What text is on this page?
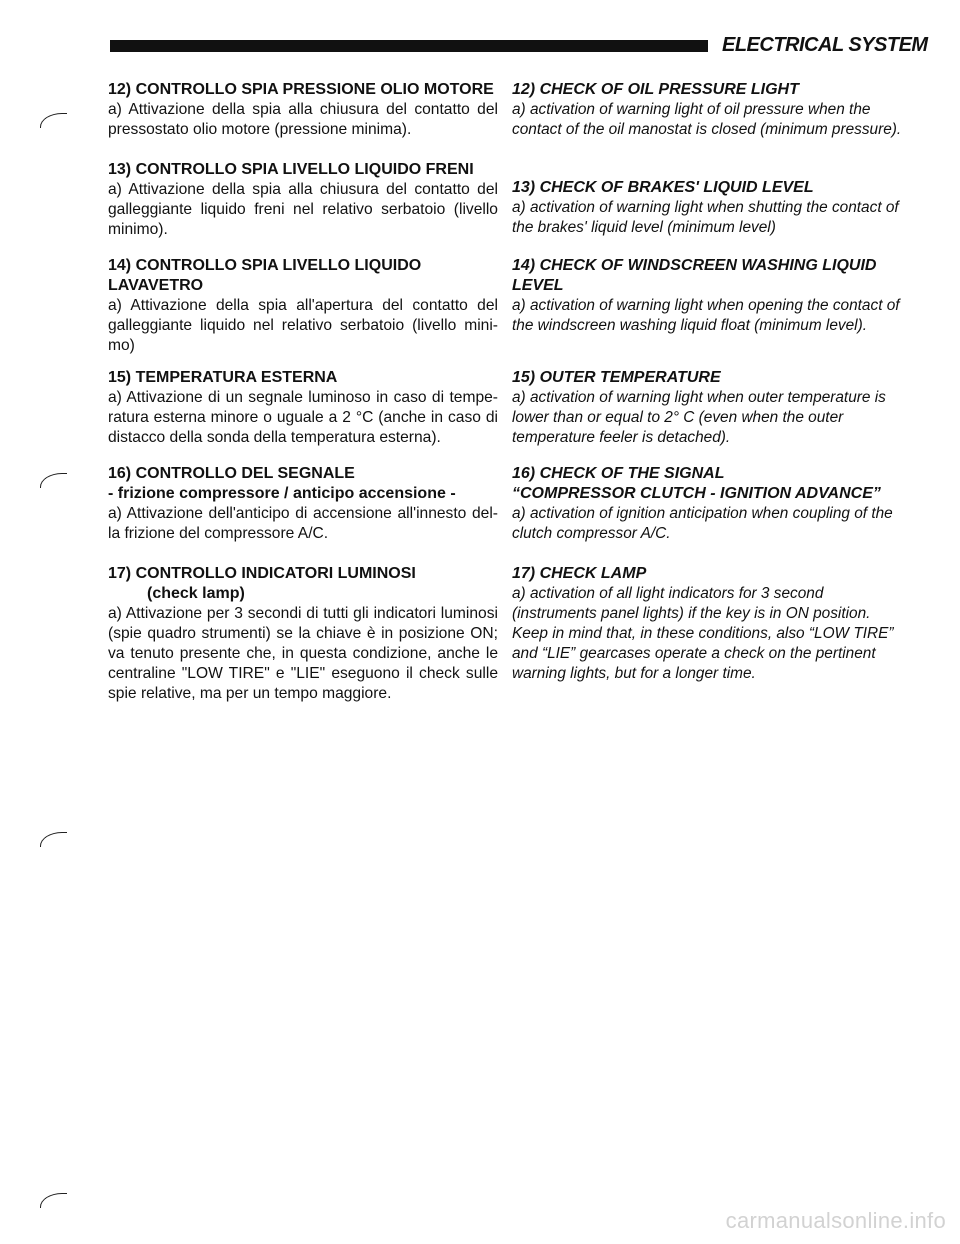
ELECTRICAL SYSTEM

12) CONTROLLO SPIA PRESSIONE OLIO MOTORE

a) Attivazione della spia alla chiusura del contatto del pressostato olio motore (pressione minima).

13) CONTROLLO SPIA LIVELLO LIQUIDO FRENI

a) Attivazione della spia alla chiusura del contatto del galleggiante liquido freni nel relativo serbatoio (livello minimo).

14) CONTROLLO SPIA LIVELLO LIQUIDO LAVAVETRO

a) Attivazione della spia all'apertura del contatto del galleggiante liquido nel relativo serbatoio (livello mini- mo)

15) TEMPERATURA ESTERNA

a) Attivazione di un segnale luminoso in caso di tempe- ratura esterna minore o uguale a 2 °C (anche in caso di distacco della sonda della temperatura esterna).

16) CONTROLLO DEL SEGNALE

- frizione compressore / anticipo accensione -

a) Attivazione dell'anticipo di accensione all'innesto del- la frizione del compressore A/C.

17) CONTROLLO INDICATORI LUMINOSI

(check lamp)

a) Attivazione per 3 secondi di tutti gli indicatori luminosi (spie quadro strumenti) se la chiave è in posizione ON; va tenuto presente che, in questa condizione, anche le centraline "LOW TIRE" e "LIE" eseguono il check sulle spie relative, ma per un tempo maggiore.

12) CHECK OF OIL PRESSURE LIGHT

a) activation of warning light of oil pressure when the contact of the oil manostat is closed (minimum pressure).

13) CHECK OF BRAKES' LIQUID LEVEL

a) activation of warning light when shutting the contact of the brakes' liquid level (minimum level)

14) CHECK OF WINDSCREEN WASHING LIQUID LEVEL

a) activation of warning light when opening the contact of the windscreen washing liquid float (minimum level).

15) OUTER TEMPERATURE

a) activation of warning light when outer temperature is lower than or equal to 2° C (even when the outer temperature feeler is detached).

16) CHECK OF THE SIGNAL

“COMPRESSOR CLUTCH - IGNITION ADVANCE”

a) activation of ignition anticipation when coupling of the clutch compressor A/C.

17) CHECK LAMP

a) activation of all light indicators for 3 second (instruments panel lights) if the key is in ON position. Keep in mind that, in these conditions, also “LOW TIRE” and “LIE” gearcases operate a check on the pertinent warning lights, but for a longer time.

carmanualsonline.info
